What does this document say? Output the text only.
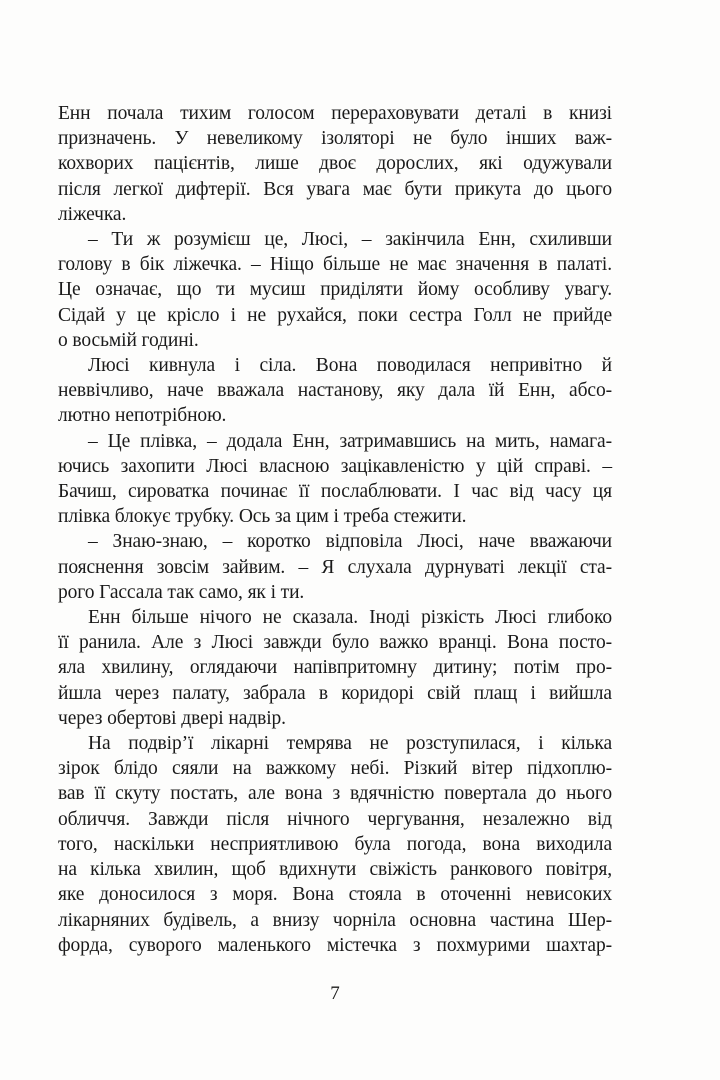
Енн почала тихим голосом перераховувати деталі в книзі
призначень. У невеликому ізоляторі не було інших важ-
кохворих пацієнтів, лише двоє дорослих, які одужували
після легкої дифтерії. Вся увага має бути прикута до цього
ліжечка.
– Ти ж розумієш це, Люсі, – закінчила Енн, схиливши
голову в бік ліжечка. – Ніщо більше не має значення в палаті.
Це означає, що ти мусиш приділяти йому особливу увагу.
Сідай у це крісло і не рухайся, поки сестра Голл не прийде
о восьмій годині.
Люсі кивнула і сіла. Вона поводилася непривітно й
неввічливо, наче вважала настанову, яку дала їй Енн, абсо-
лютно непотрібною.
– Це плівка, – додала Енн, затримавшись на мить, намага-
ючись захопити Люсі власною зацікавленістю у цій справі. –
Бачиш, сироватка починає її послаблювати. І час від часу ця
плівка блокує трубку. Ось за цим і треба стежити.
– Знаю-знаю, – коротко відповіла Люсі, наче вважаючи
пояснення зовсім зайвим. – Я слухала дурнуваті лекції ста-
рого Гассала так само, як і ти.
Енн більше нічого не сказала. Іноді різкість Люсі глибоко
її ранила. Але з Люсі завжди було важко вранці. Вона посто-
яла хвилину, оглядаючи напівпритомну дитину; потім про-
йшла через палату, забрала в коридорі свій плащ і вийшла
через обертові двері надвір.
На подвір’ї лікарні темрява не розступилася, і кілька
зірок блідо сяяли на важкому небі. Різкий вітер підхоплю-
вав її скуту постать, але вона з вдячністю повертала до нього
обличчя. Завжди після нічного чергування, незалежно від
того, наскільки несприятливою була погода, вона виходила
на кілька хвилин, щоб вдихнути свіжість ранкового повітря,
яке доносилося з моря. Вона стояла в оточенні невисоких
лікарняних будівель, а внизу чорніла основна частина Шер-
форда, суворого маленького містечка з похмурими шахтар-
7
